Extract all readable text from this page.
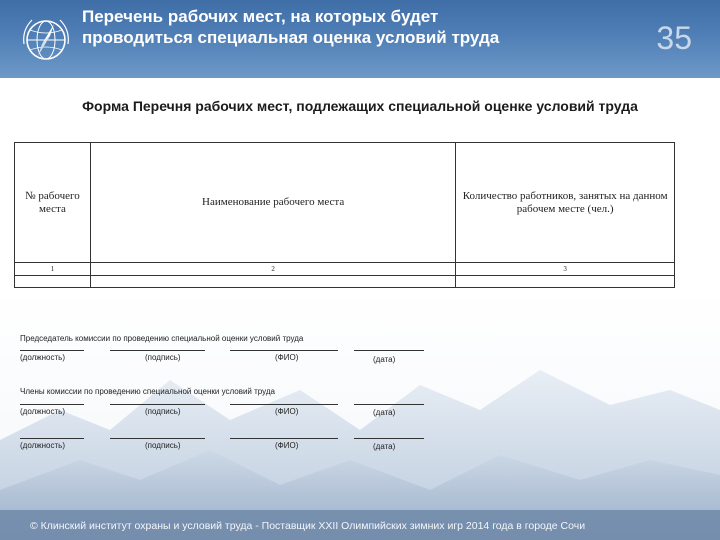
Перечень рабочих мест, на которых будет
проводиться специальная оценка условий труда	35
Форма Перечня рабочих мест, подлежащих специальной оценке условий труда
№ рабочего места	Наименование рабочего места	Количество работников, занятых на данном рабочем месте (чел.)
1	2	3

Председатель комиссии по проведению специальной оценки условий труда
(должность)	(подпись)	(ФИО)	(дата)
Члены комиссии по проведению специальной оценки условий труда
(должность)	(подпись)	(ФИО)	(дата)
(должность)	(подпись)	(ФИО)	(дата)
© Клинский институт охраны и условий труда - Поставщик XXII Олимпийских зимних игр 2014 года в городе Сочи
